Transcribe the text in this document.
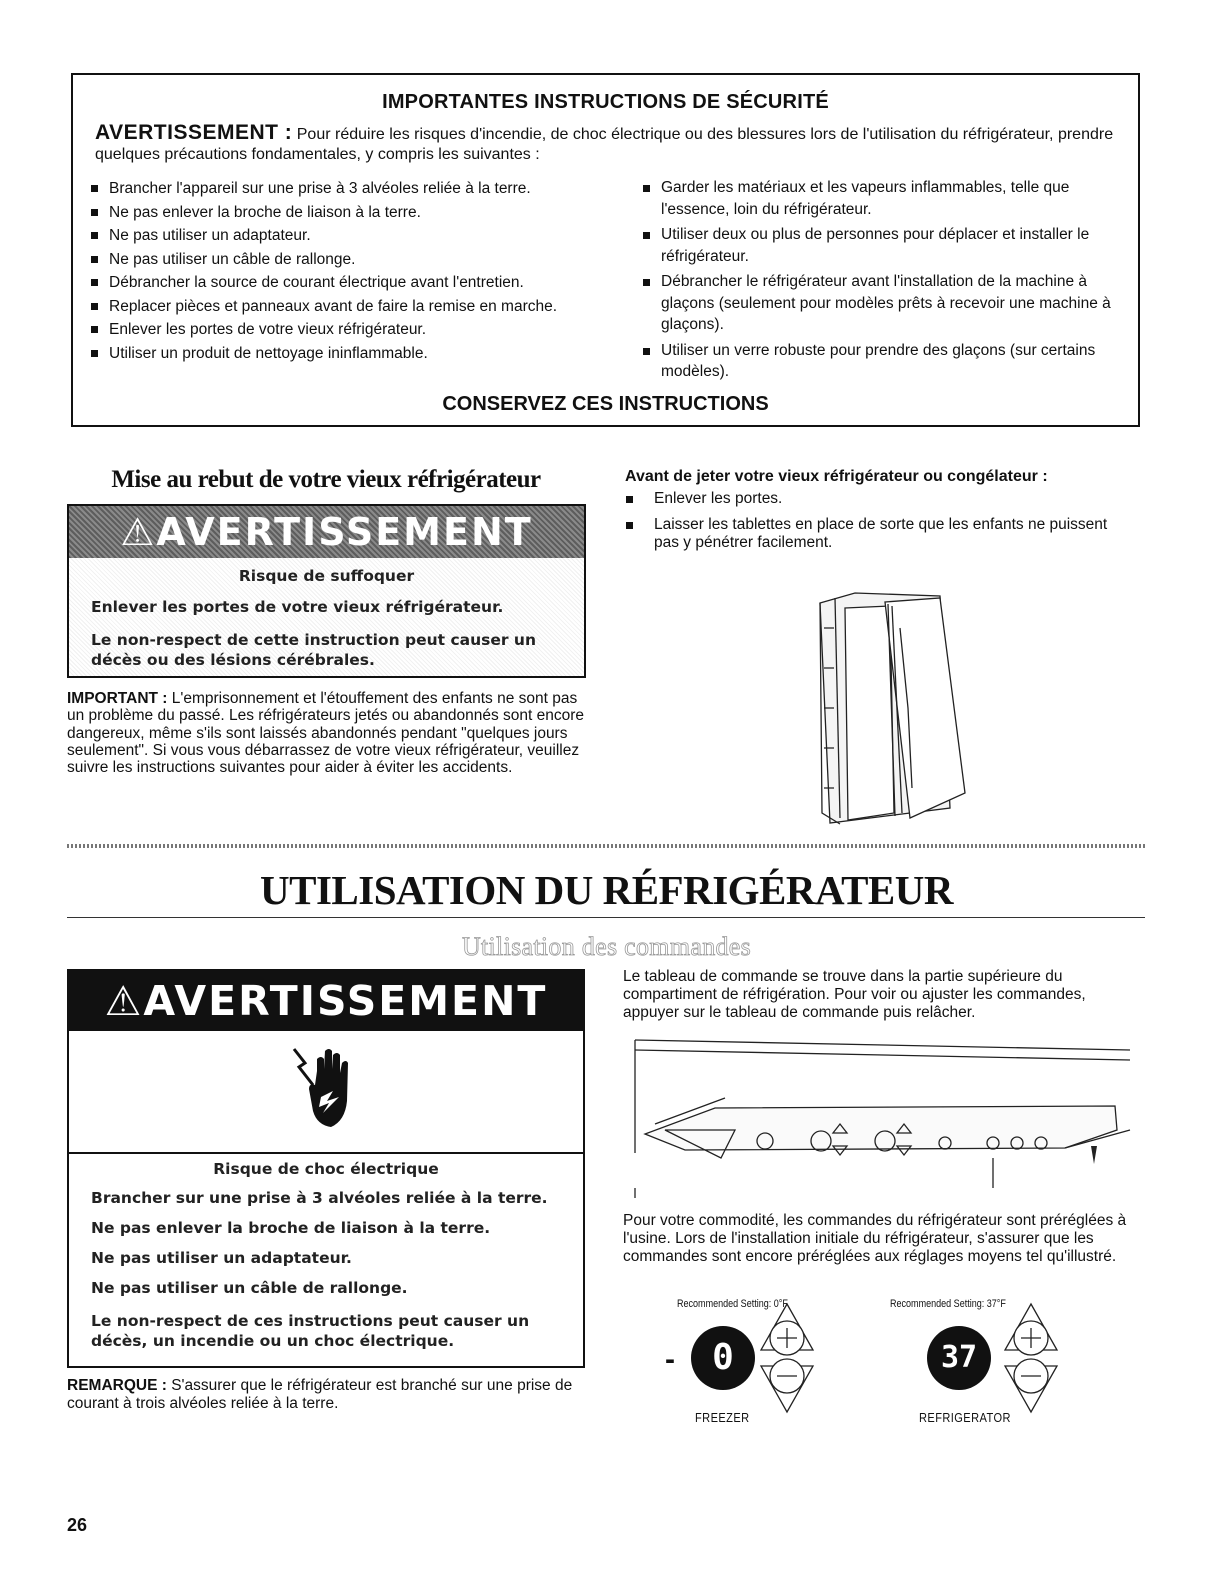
IMPORTANTES INSTRUCTIONS DE SÉCURITÉ
AVERTISSEMENT : Pour réduire les risques d'incendie, de choc électrique ou des blessures lors de l'utilisation du réfrigérateur, prendre quelques précautions fondamentales, y compris les suivantes :
Brancher l'appareil sur une prise à 3 alvéoles reliée à la terre.
Ne pas enlever la broche de liaison à la terre.
Ne pas utiliser un adaptateur.
Ne pas utiliser un câble de rallonge.
Débrancher la source de courant électrique avant l'entretien.
Replacer pièces et panneaux avant de faire la remise en marche.
Enlever les portes de votre vieux réfrigérateur.
Utiliser un produit de nettoyage ininflammable.
Garder les matériaux et les vapeurs inflammables, telle que l'essence, loin du réfrigérateur.
Utiliser deux ou plus de personnes pour déplacer et installer le réfrigérateur.
Débrancher le réfrigérateur avant l'installation de la machine à glaçons (seulement pour modèles prêts à recevoir une machine à glaçons).
Utiliser un verre robuste pour prendre des glaçons (sur certains modèles).
CONSERVEZ CES INSTRUCTIONS
Mise au rebut de votre vieux réfrigérateur
⚠AVERTISSEMENT
Risque de suffoquer
Enlever les portes de votre vieux réfrigérateur.
Le non-respect de cette instruction peut causer un décès ou des lésions cérébrales.
IMPORTANT : L'emprisonnement et l'étouffement des enfants ne sont pas un problème du passé. Les réfrigérateurs jetés ou abandonnés sont encore dangereux, même s'ils sont laissés abandonnés pendant "quelques jours seulement". Si vous vous débarrassez de votre vieux réfrigérateur, veuillez suivre les instructions suivantes pour aider à éviter les accidents.
Avant de jeter votre vieux réfrigérateur ou congélateur :
Enlever les portes.
Laisser les tablettes en place de sorte que les enfants ne puissent pas y pénétrer facilement.
UTILISATION DU RÉFRIGÉRATEUR
Utilisation des commandes
⚠AVERTISSEMENT
Risque de choc électrique
Brancher sur une prise à 3 alvéoles reliée à la terre.
Ne pas enlever la broche de liaison à la terre.
Ne pas utiliser un adaptateur.
Ne pas utiliser un câble de rallonge.
Le non-respect de ces instructions peut causer un décès, un incendie ou un choc électrique.
REMARQUE : S'assurer que le réfrigérateur est branché sur une prise de courant à trois alvéoles reliée à la terre.
Le tableau de commande se trouve dans la partie supérieure du compartiment de réfrigération. Pour voir ou ajuster les commandes, appuyer sur le tableau de commande puis relâcher.
Pour votre commodité, les commandes du réfrigérateur sont préréglées à l'usine. Lors de l'installation initiale du réfrigérateur, s'assurer que les commandes sont encore préréglées aux réglages moyens tel qu'illustré.
Recommended Setting: 0°F	Recommended Setting: 37°F
-	0
FREEZER
37
REFRIGERATOR
26
